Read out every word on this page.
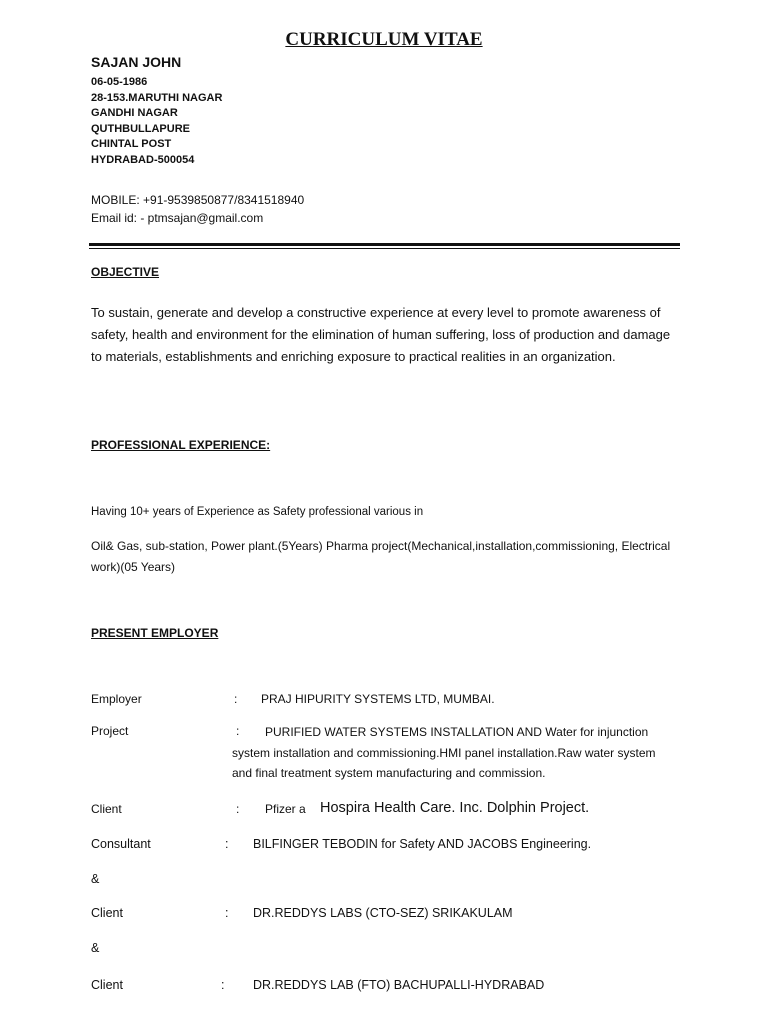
CURRICULUM VITAE
SAJAN JOHN
06-05-1986
28-153.MARUTHI NAGAR
GANDHI NAGAR
QUTHBULLAPURE
CHINTAL POST
HYDRABAD-500054
MOBILE: +91-9539850877/8341518940
Email id: - ptmsajan@gmail.com
OBJECTIVE
To sustain, generate and develop a constructive experience at every level to promote awareness of safety, health and environment for the elimination of human suffering, loss of production and damage to materials, establishments and enriching exposure to practical realities in an organization.
PROFESSIONAL EXPERIENCE:
Having 10+ years of Experience as Safety professional various in
Oil& Gas, sub-station, Power plant.(5Years) Pharma project(Mechanical,installation,commissioning, Electrical work)(05 Years)
PRESENT EMPLOYER
Employer	: PRAJ HIPURITY SYSTEMS LTD, MUMBAI.
Project	:	PURIFIED WATER SYSTEMS INSTALLATION AND Water for injunction system installation and commissioning.HMI panel installation.Raw water system and final treatment system manufacturing and commission.
Client	: Pfizer a Hospira Health Care. Inc. Dolphin Project.
Consultant	: BILFINGER TEBODIN for Safety AND JACOBS Engineering.
&
Client	: DR.REDDYS LABS (CTO-SEZ) SRIKAKULAM
&
Client	: DR.REDDYS LAB (FTO) BACHUPALLI-HYDRABAD
